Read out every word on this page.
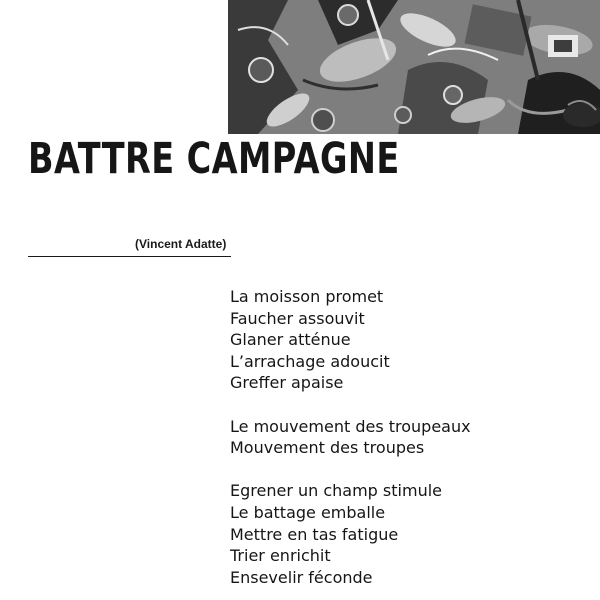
BATTRE CAMPAGNE
(Vincent Adatte)

La moisson promet
Faucher assouvit
Glaner atténue
L’arrachage adoucit
Greffer apaise

Le mouvement des troupeaux
Mouvement des troupes

Egrener un champ stimule
Le battage emballe
Mettre en tas fatigue
Trier enrichit
Ensevelir féconde
